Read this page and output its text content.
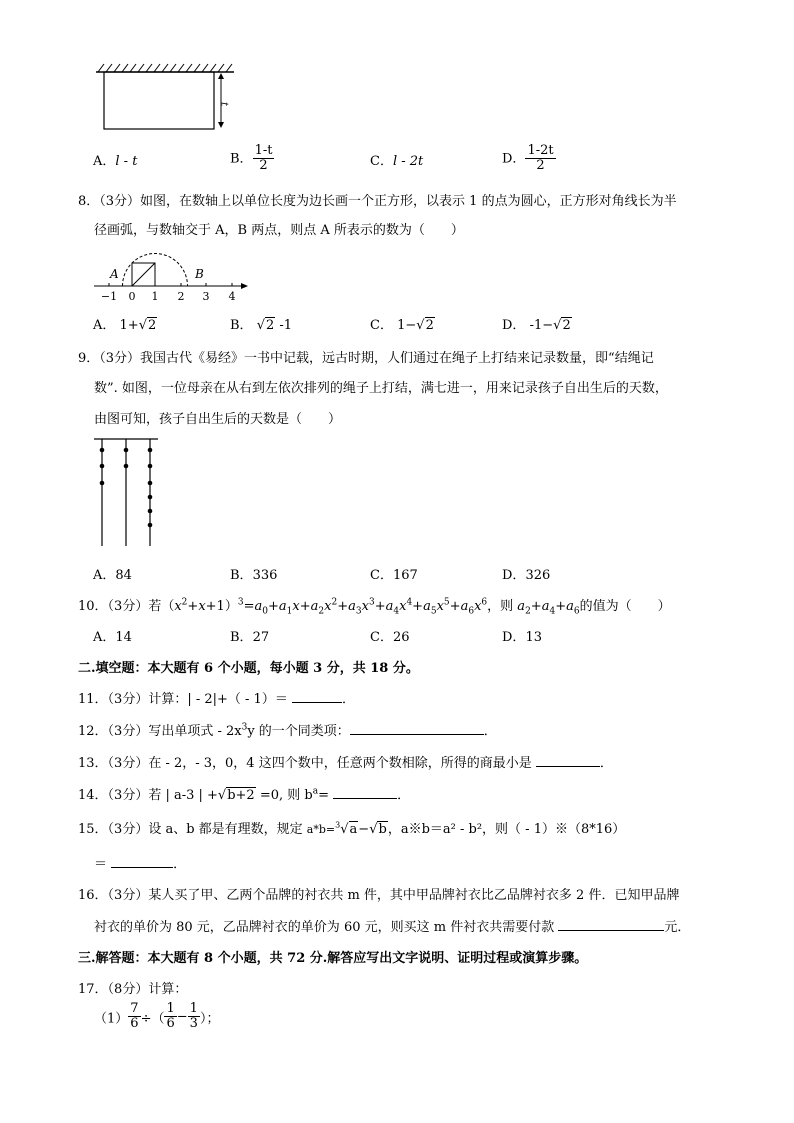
t
A．l - t	B． $\frac{1-t}{2}$	C．l - 2t	D． $\frac{1-2t}{2}$
8．（3分）如图，在数轴上以单位长度为边长画一个正方形，以表示 1 的点为圆心，正方形对角线长为半
径画弧，与数轴交于 A，B 两点，则点 A 所表示的数为（　　）
A	B
−1 0 1 2 3 4
A． 1+√2	B． √2 -1	C． 1−√2	D． -1−√2
9．（3分）我国古代《易经》一书中记载，远古时期，人们通过在绳子上打结来记录数量，即“结绳记
数”. 如图，一位母亲在从右到左依次排列的绳子上打结，满七进一，用来记录孩子自出生后的天数，
由图可知，孩子自出生后的天数是（　　）
A．84	B．336	C．167	D．326
10．（3分）若$(x^2+x+1)^3=a_0+a_1x+a_2x^2+a_3x^3+a_4x^4+a_5x^5+a_6x^6$，则 $a_2+a_4+a_6$的值为（　　）
A．14	B．27	C．26	D．13
二.填空题：本大题有 6 个小题，每小题 3 分，共 18 分。
11．（3分）计算：| - 2|+（ - 1）＝	．
12．（3分）写出单项式 - $2x^3y$ 的一个同类项：	．
13．（3分）在 - 2，- 3，0，4 这四个数中，任意两个数相除，所得的商最小是	．
14．（3分）若 | a-3 | +√b+2 =0, 则 $b^a=$	．
15．（3分）设 a、b 都是有理数，规定 a*b=$^3$√a−√b，a※b＝a² - b²，则（ - 1）※（8*16）
＝	．
16．（3分）某人买了甲、乙两个品牌的衬衣共 m 件，其中甲品牌衬衣比乙品牌衬衣多 2 件．已知甲品牌
衬衣的单价为 80 元，乙品牌衬衣的单价为 60 元，则买这 m 件衬衣共需要付款	元．
三.解答题：本大题有 8 个小题，共 72 分.解答应写出文字说明、证明过程或演算步骤。
17．（8分）计算：
$(1) \frac{7}{6}$ ÷（ $\frac{1}{6} - \frac{1}{3}$ ）；
